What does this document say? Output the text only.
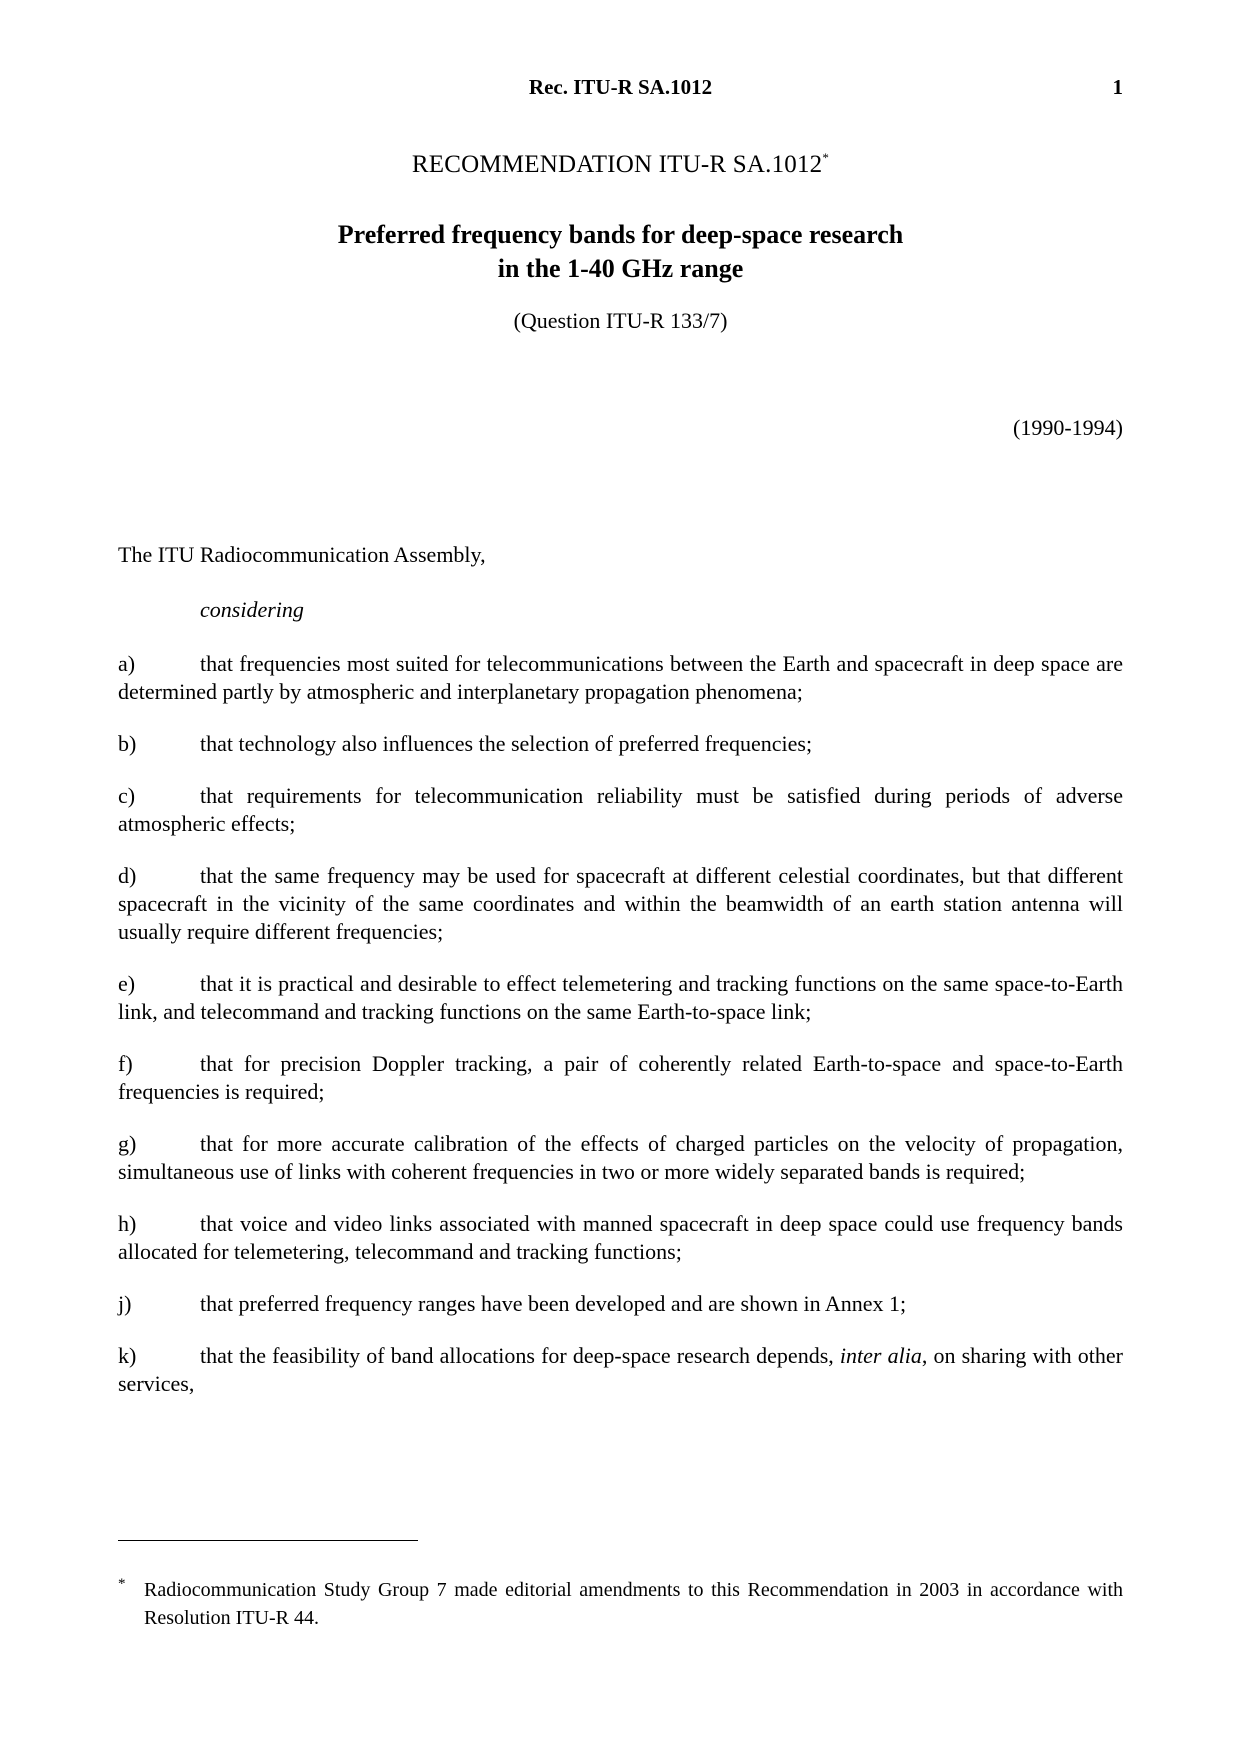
Rec. ITU-R SA.1012	1
RECOMMENDATION ITU-R SA.1012*
Preferred frequency bands for deep-space research
in the 1-40 GHz range
(Question ITU-R 133/7)
(1990-1994)
The ITU Radiocommunication Assembly,
considering

a)	that frequencies most suited for telecommunications between the Earth and spacecraft in deep space are determined partly by atmospheric and interplanetary propagation phenomena;

b)	that technology also influences the selection of preferred frequencies;

c)	that requirements for telecommunication reliability must be satisfied during periods of adverse atmospheric effects;

d)	that the same frequency may be used for spacecraft at different celestial coordinates, but that different spacecraft in the vicinity of the same coordinates and within the beamwidth of an earth station antenna will usually require different frequencies;

e)	that it is practical and desirable to effect telemetering and tracking functions on the same space-to-Earth link, and telecommand and tracking functions on the same Earth-to-space link;

f)	that for precision Doppler tracking, a pair of coherently related Earth-to-space and space-to-Earth frequencies is required;

g)	that for more accurate calibration of the effects of charged particles on the velocity of propagation, simultaneous use of links with coherent frequencies in two or more widely separated bands is required;

h)	that voice and video links associated with manned spacecraft in deep space could use frequency bands allocated for telemetering, telecommand and tracking functions;

j)	that preferred frequency ranges have been developed and are shown in Annex 1;

k)	that the feasibility of band allocations for deep-space research depends, inter alia, on sharing with other services,

* Radiocommunication Study Group 7 made editorial amendments to this Recommendation in 2003 in accordance with Resolution ITU-R 44.
